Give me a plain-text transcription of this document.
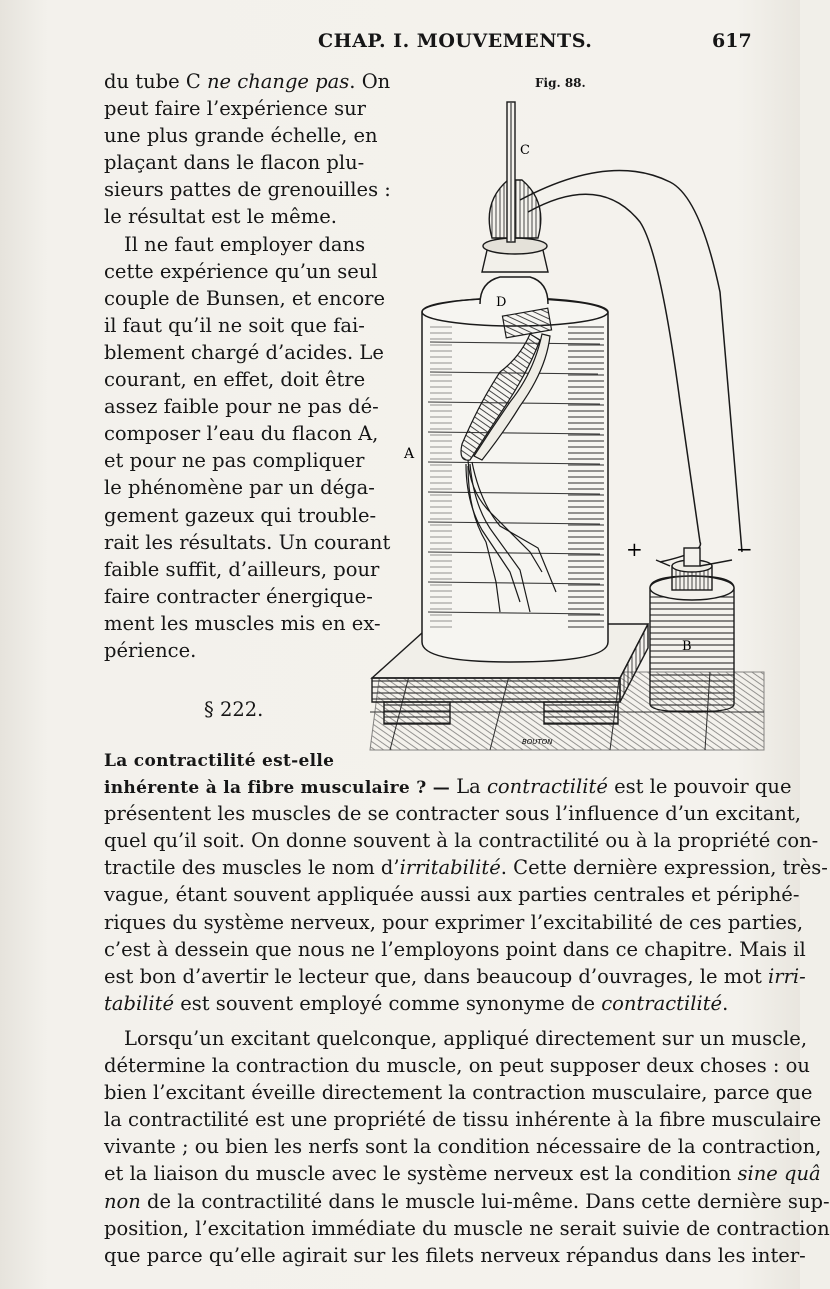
CHAP. I. MOUVEMENTS.	617
du tube C ne change pas. On
peut faire l’expérience sur
une plus grande échelle, en
plaçant dans le flacon plu-
sieurs pattes de grenouilles :
le résultat est le même.
Il ne faut employer dans
cette expérience qu’un seul
couple de Bunsen, et encore
il faut qu’il ne soit que fai-
blement chargé d’acides. Le
courant, en effet, doit être
assez faible pour ne pas dé-
composer l’eau du flacon A,
et pour ne pas compliquer
le phénomène par un déga-
gement gazeux qui trouble-
rait les résultats. Un courant
faible suffit, d’ailleurs, pour
faire contracter énergique-
ment les muscles mis en ex-
périence.
§ 222.
Fig. 88.
C
D
A
B
+	−
BOUTON
La contractilité est-elle
inhérente à la fibre musculaire ? — La contractilité est le pouvoir que
présentent les muscles de se contracter sous l’influence d’un excitant,
quel qu’il soit. On donne souvent à la contractilité ou à la propriété con-
tractile des muscles le nom d’irritabilité. Cette dernière expression, très-
vague, étant souvent appliquée aussi aux parties centrales et périphé-
riques du système nerveux, pour exprimer l’excitabilité de ces parties,
c’est à dessein que nous ne l’employons point dans ce chapitre. Mais il
est bon d’avertir le lecteur que, dans beaucoup d’ouvrages, le mot irri-
tabilité est souvent employé comme synonyme de contractilité.
Lorsqu’un excitant quelconque, appliqué directement sur un muscle,
détermine la contraction du muscle, on peut supposer deux choses : ou
bien l’excitant éveille directement la contraction musculaire, parce que
la contractilité est une propriété de tissu inhérente à la fibre musculaire
vivante ; ou bien les nerfs sont la condition nécessaire de la contraction,
et la liaison du muscle avec le système nerveux est la condition sine quâ
non de la contractilité dans le muscle lui-même. Dans cette dernière sup-
position, l’excitation immédiate du muscle ne serait suivie de contraction
que parce qu’elle agirait sur les filets nerveux répandus dans les inter-
